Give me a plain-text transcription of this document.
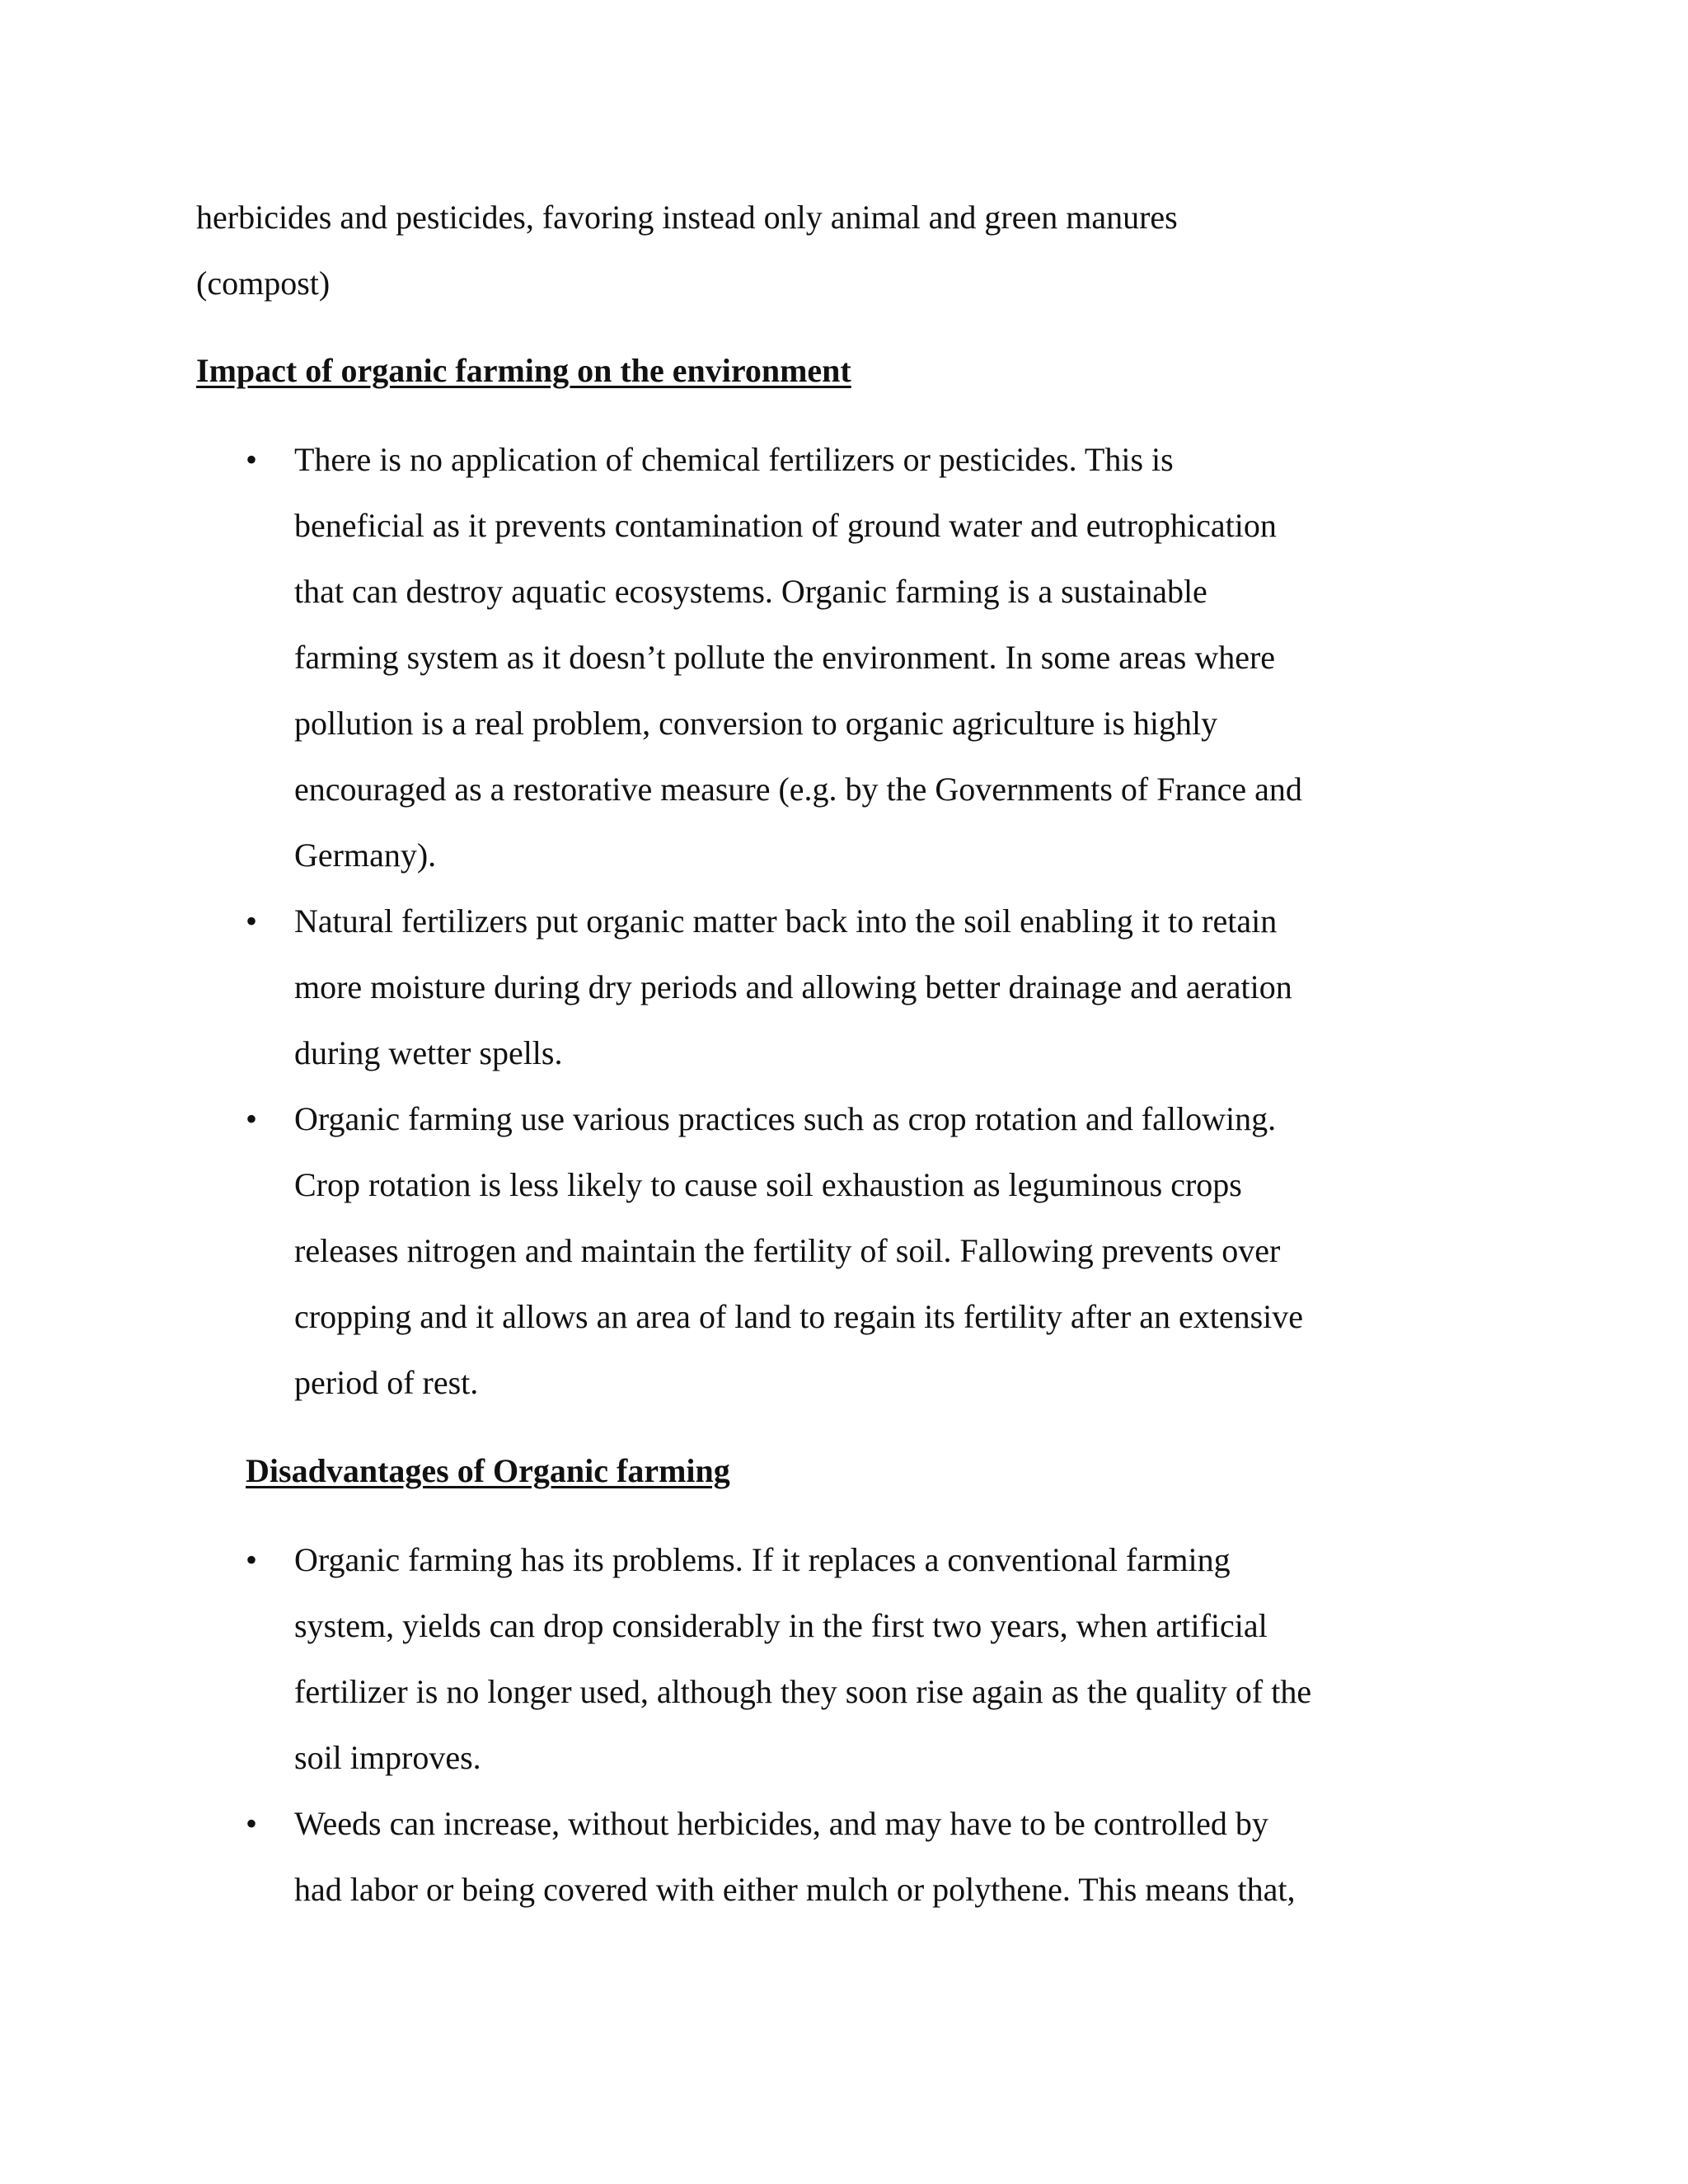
herbicides and pesticides, favoring instead only animal and green manures
(compost)
Impact of organic farming on the environment
• There is no application of chemical fertilizers or pesticides. This is
beneficial as it prevents contamination of ground water and eutrophication
that can destroy aquatic ecosystems. Organic farming is a sustainable
farming system as it doesn’t pollute the environment. In some areas where
pollution is a real problem, conversion to organic agriculture is highly
encouraged as a restorative measure (e.g. by the Governments of France and
Germany).
• Natural fertilizers put organic matter back into the soil enabling it to retain
more moisture during dry periods and allowing better drainage and aeration
during wetter spells.
• Organic farming use various practices such as crop rotation and fallowing.
Crop rotation is less likely to cause soil exhaustion as leguminous crops
releases nitrogen and maintain the fertility of soil. Fallowing prevents over
cropping and it allows an area of land to regain its fertility after an extensive
period of rest.
Disadvantages of Organic farming
• Organic farming has its problems. If it replaces a conventional farming
system, yields can drop considerably in the first two years, when artificial
fertilizer is no longer used, although they soon rise again as the quality of the
soil improves.
• Weeds can increase, without herbicides, and may have to be controlled by
had labor or being covered with either mulch or polythene. This means that,
